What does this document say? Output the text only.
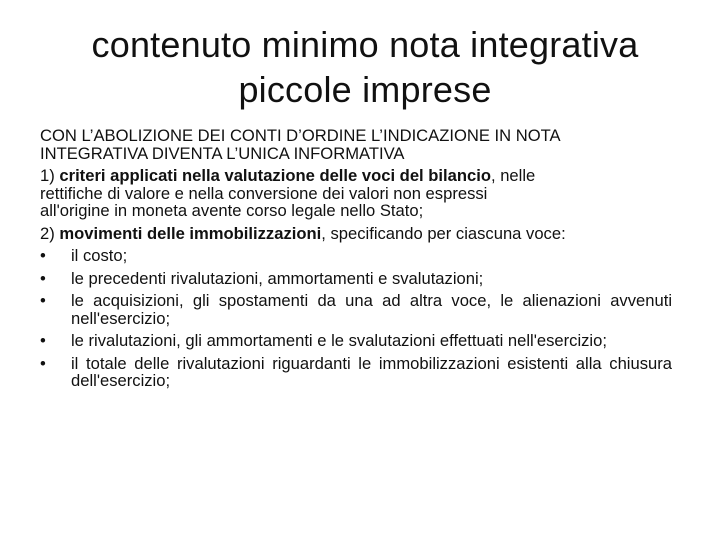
contenuto minimo nota integrativa
piccole imprese
CON L’ABOLIZIONE DEI CONTI D’ORDINE L’INDICAZIONE IN NOTA
INTEGRATIVA DIVENTA L’UNICA INFORMATIVA
1) criteri applicati nella valutazione delle voci del bilancio, nelle
rettifiche di valore e nella conversione dei valori non espressi
all'origine in moneta avente corso legale nello Stato;
2) movimenti delle immobilizzazioni, specificando per ciascuna voce:
• il costo;
• le precedenti rivalutazioni, ammortamenti e svalutazioni;
• le acquisizioni, gli spostamenti da una ad altra voce, le alienazioni avvenuti nell'esercizio;
• le rivalutazioni, gli ammortamenti e le svalutazioni effettuati nell'esercizio;
• il totale delle rivalutazioni riguardanti le immobilizzazioni esistenti alla chiusura dell'esercizio;
